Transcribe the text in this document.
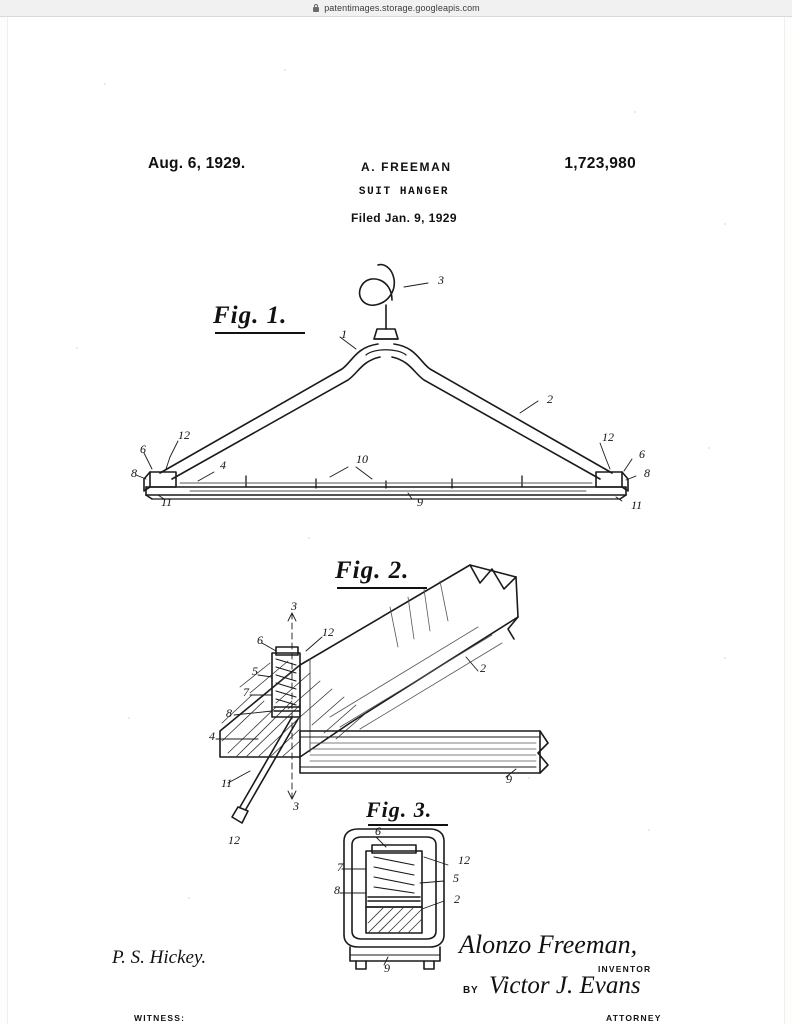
patentimages.storage.googleapis.com
Aug. 6, 1929.	A. FREEMAN	1,723,980
SUIT HANGER
Filed Jan. 9, 1929
Fig. 1.
Fig. 2.
Fig. 3.
3
1
2
12	12
6	6
8	8
4	10
11	11
9
3
12
6
5	2
7
8
4
9
11
3
12
6
12
7
5
8
2
9
P. S. Hickey.
WITNESS:
Alonzo Freeman,
INVENTOR
BY Victor J. Evans
ATTORNEY
